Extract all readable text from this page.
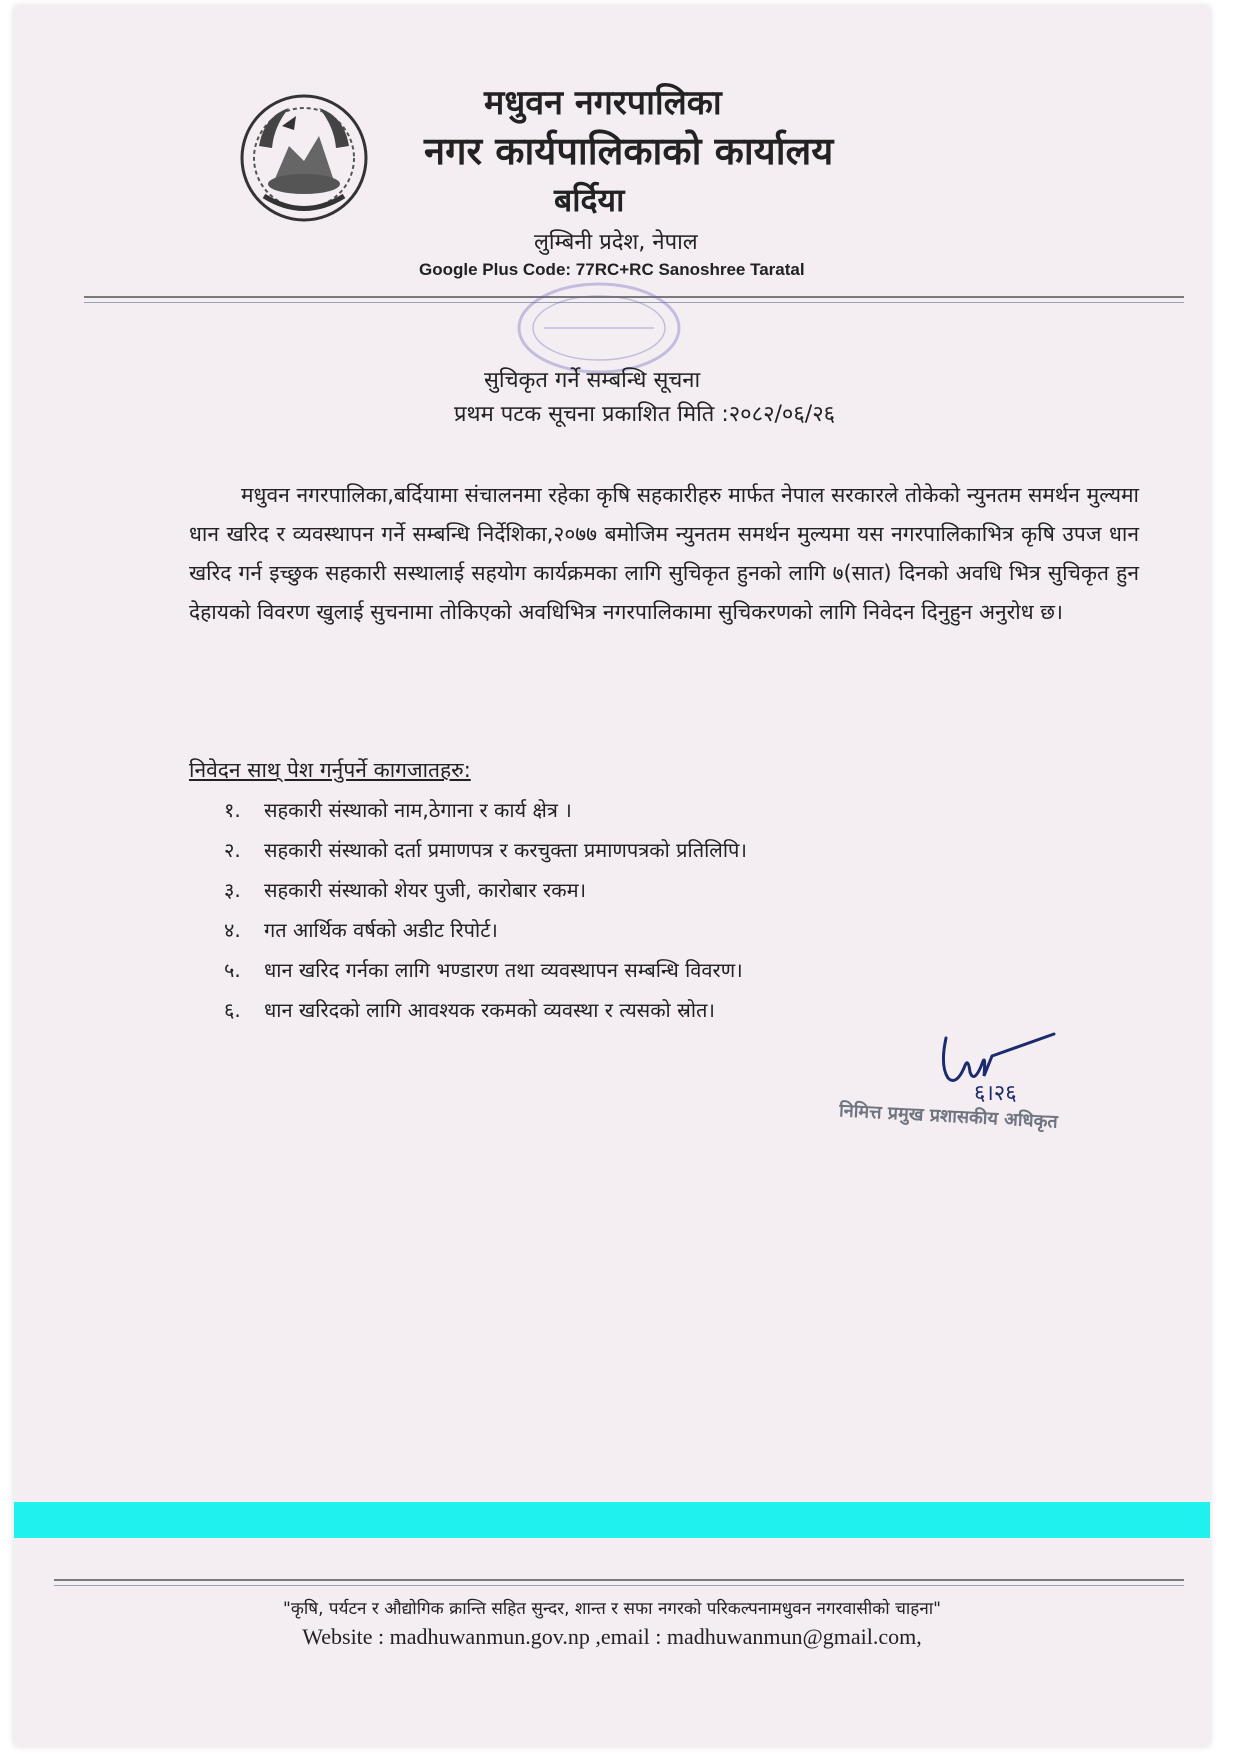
मधुवन नगरपालिका
नगर कार्यपालिकाको कार्यालय
बर्दिया
लुम्बिनी प्रदेश, नेपाल
Google Plus Code: 77RC+RC Sanoshree Taratal
सुचिकृत गर्ने सम्बन्धि सूचना
प्रथम पटक सूचना प्रकाशित मिति :२०८२/०६/२६
मधुवन नगरपालिका,बर्दियामा संचालनमा रहेका कृषि सहकारीहरु मार्फत नेपाल सरकारले तोकेको न्युनतम समर्थन मुल्यमा धान खरिद र व्यवस्थापन गर्ने सम्बन्धि निर्देशिका,२०७७ बमोजिम न्युनतम समर्थन मुल्यमा यस नगरपालिकाभित्र कृषि उपज धान खरिद गर्न इच्छुक सहकारी सस्थालाई सहयोग कार्यक्रमका लागि सुचिकृत हुनको लागि ७(सात) दिनको अवधि भित्र सुचिकृत हुन देहायको विवरण खुलाई सुचनामा तोकिएको अवधिभित्र नगरपालिकामा सुचिकरणको लागि निवेदन दिनुहुन अनुरोध छ।
निवेदन साथ् पेश गर्नुपर्ने कागजातहरु:
१. सहकारी संस्थाको नाम,ठेगाना र कार्य क्षेत्र ।
२. सहकारी संस्थाको दर्ता प्रमाणपत्र र करचुक्ता प्रमाणपत्रको प्रतिलिपि।
३. सहकारी संस्थाको शेयर पुजी, कारोबार रकम।
४. गत आर्थिक वर्षको अडीट रिपोर्ट।
५. धान खरिद गर्नका लागि भण्डारण तथा व्यवस्थापन सम्बन्धि विवरण।
६. धान खरिदको लागि आवश्यक रकमको व्यवस्था र त्यसको स्रोत।
६।२६
निमित्त प्रमुख प्रशासकीय अधिकृत
"कृषि, पर्यटन र औद्योगिक क्रान्ति सहित सुन्दर, शान्त र सफा नगरको परिकल्पनामधुवन नगरवासीको चाहना"
Website : madhuwanmun.gov.np ,email : madhuwanmun@gmail.com,
